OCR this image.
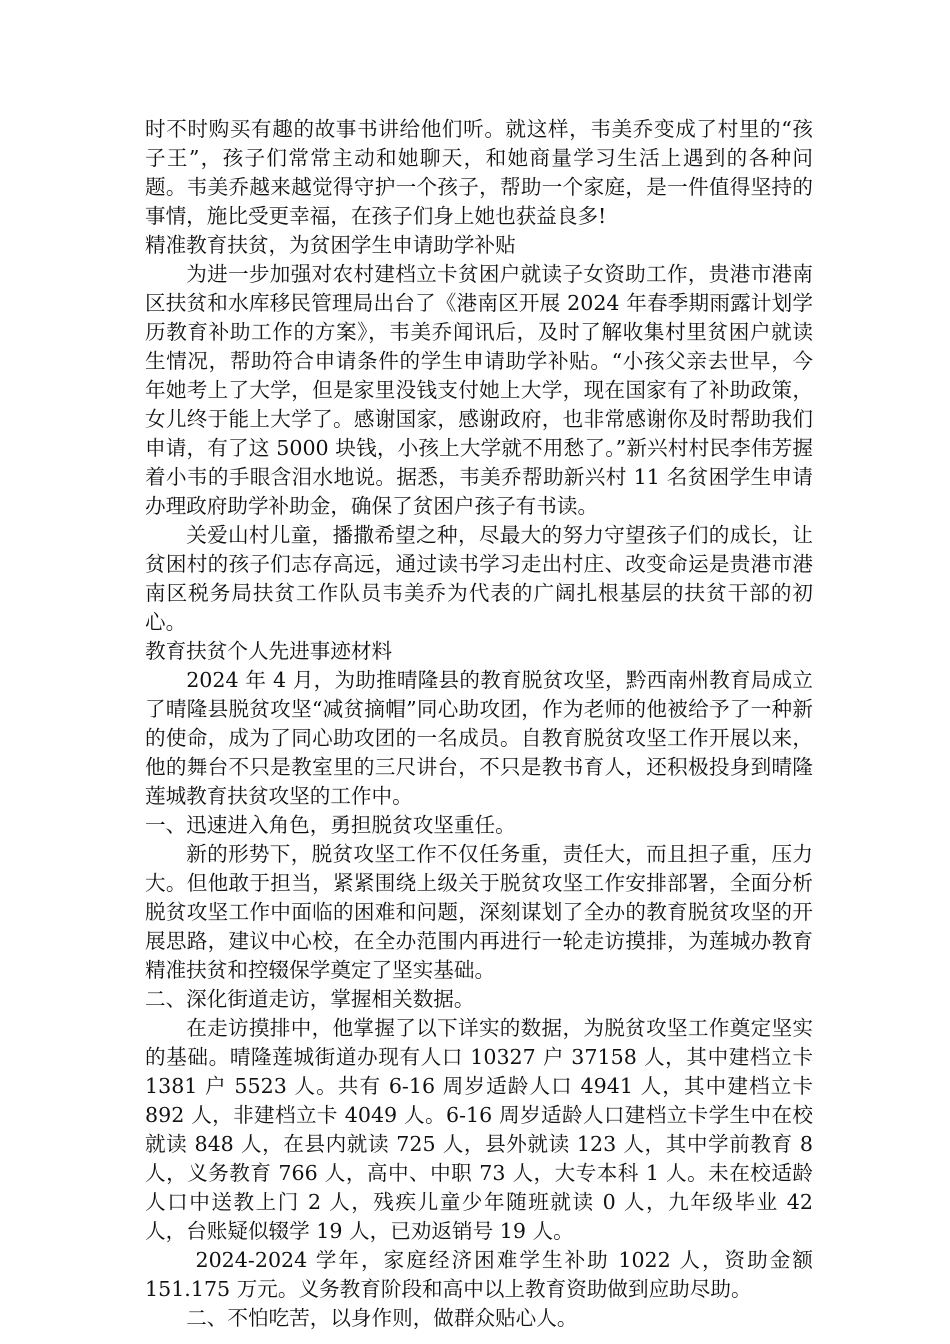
时不时购买有趣的故事书讲给他们听。就这样，韦美乔变成了村里的“孩子王”，孩子们常常主动和她聊天，和她商量学习生活上遇到的各种问题。韦美乔越来越觉得守护一个孩子，帮助一个家庭，是一件值得坚持的事情，施比受更幸福，在孩子们身上她也获益良多!

精准教育扶贫，为贫困学生申请助学补贴

为进一步加强对农村建档立卡贫困户就读子女资助工作，贵港市港南区扶贫和水库移民管理局出台了《港南区开展 2024 年春季期雨露计划学历教育补助工作的方案》，韦美乔闻讯后，及时了解收集村里贫困户就读生情况，帮助符合申请条件的学生申请助学补贴。“小孩父亲去世早，今年她考上了大学，但是家里没钱支付她上大学，现在国家有了补助政策，女儿终于能上大学了。感谢国家，感谢政府，也非常感谢你及时帮助我们申请，有了这 5000 块钱，小孩上大学就不用愁了。”新兴村村民李伟芳握着小韦的手眼含泪水地说。据悉，韦美乔帮助新兴村 11 名贫困学生申请办理政府助学补助金，确保了贫困户孩子有书读。

关爱山村儿童，播撒希望之种，尽最大的努力守望孩子们的成长，让贫困村的孩子们志存高远，通过读书学习走出村庄、改变命运是贵港市港南区税务局扶贫工作队员韦美乔为代表的广阔扎根基层的扶贫干部的初心。

教育扶贫个人先进事迹材料

2024 年 4 月，为助推晴隆县的教育脱贫攻坚，黔西南州教育局成立了晴隆县脱贫攻坚“减贫摘帽”同心助攻团，作为老师的他被给予了一种新的使命，成为了同心助攻团的一名成员。自教育脱贫攻坚工作开展以来，他的舞台不只是教室里的三尺讲台，不只是教书育人，还积极投身到晴隆莲城教育扶贫攻坚的工作中。

一、迅速进入角色，勇担脱贫攻坚重任。

新的形势下，脱贫攻坚工作不仅任务重，责任大，而且担子重，压力大。但他敢于担当，紧紧围绕上级关于脱贫攻坚工作安排部署，全面分析脱贫攻坚工作中面临的困难和问题，深刻谋划了全办的教育脱贫攻坚的开展思路，建议中心校，在全办范围内再进行一轮走访摸排，为莲城办教育精准扶贫和控辍保学奠定了坚实基础。

二、深化街道走访，掌握相关数据。

在走访摸排中，他掌握了以下详实的数据，为脱贫攻坚工作奠定坚实的基础。晴隆莲城街道办现有人口 10327 户 37158 人，其中建档立卡 1381 户 5523 人。共有 6-16 周岁适龄人口 4941 人，其中建档立卡 892 人，非建档立卡 4049 人。6-16 周岁适龄人口建档立卡学生中在校就读 848 人，在县内就读 725 人，县外就读 123 人，其中学前教育 8 人，义务教育 766 人，高中、中职 73 人，大专本科 1 人。未在校适龄人口中送教上门 2 人，残疾儿童少年随班就读 0 人，九年级毕业 42 人，台账疑似辍学 19 人，已劝返销号 19 人。

2024-2024 学年，家庭经济困难学生补助 1022 人，资助金额 151.175 万元。义务教育阶段和高中以上教育资助做到应助尽助。

二、不怕吃苦，以身作则，做群众贴心人。
